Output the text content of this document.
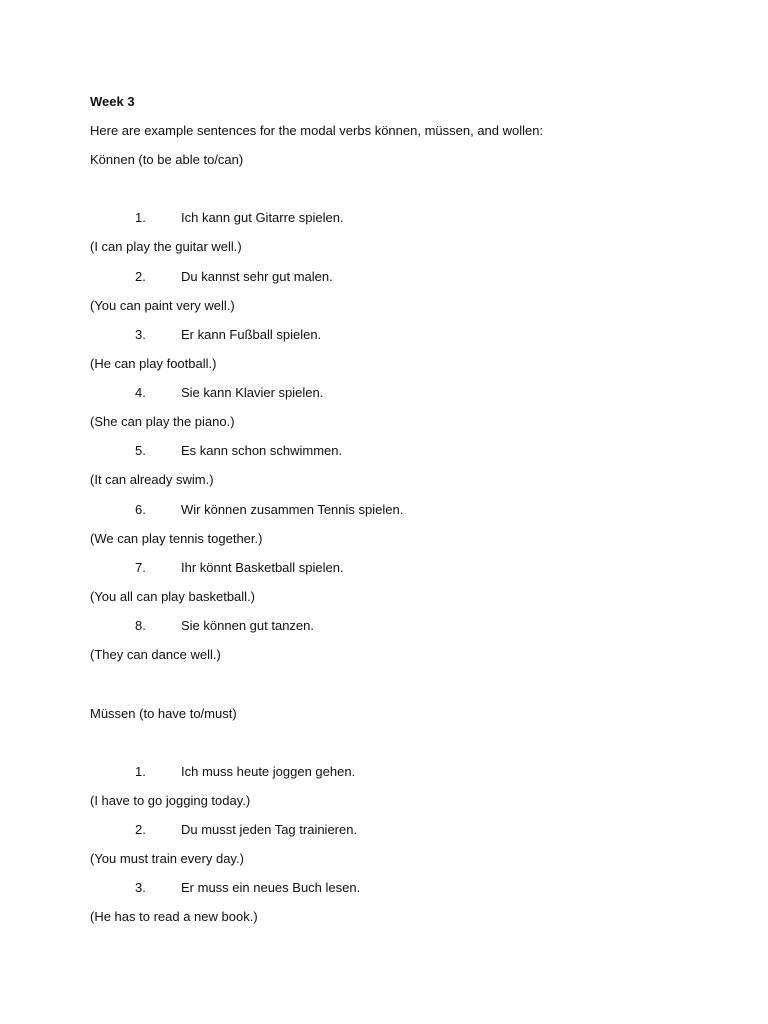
Week 3
Here are example sentences for the modal verbs können, müssen, and wollen:
Können (to be able to/can)
1.	Ich kann gut Gitarre spielen.
(I can play the guitar well.)
2.	Du kannst sehr gut malen.
(You can paint very well.)
3.	Er kann Fußball spielen.
(He can play football.)
4.	Sie kann Klavier spielen.
(She can play the piano.)
5.	Es kann schon schwimmen.
(It can already swim.)
6.	Wir können zusammen Tennis spielen.
(We can play tennis together.)
7.	Ihr könnt Basketball spielen.
(You all can play basketball.)
8.	Sie können gut tanzen.
(They can dance well.)
Müssen (to have to/must)
1.	Ich muss heute joggen gehen.
(I have to go jogging today.)
2.	Du musst jeden Tag trainieren.
(You must train every day.)
3.	Er muss ein neues Buch lesen.
(He has to read a new book.)
